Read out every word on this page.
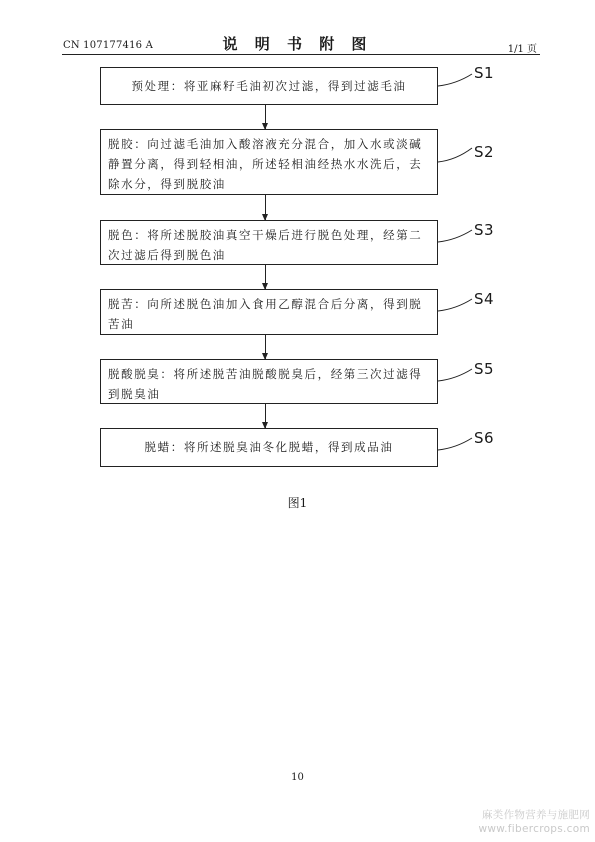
CN 107177416 A	说 明 书 附 图	1/1 页
预处理：将亚麻籽毛油初次过滤，得到过滤毛油
S1
脱胶：向过滤毛油加入酸溶液充分混合，加入水或淡碱静置分离，得到轻相油，所述轻相油经热水水洗后，去除水分，得到脱胶油
S2
脱色：将所述脱胶油真空干燥后进行脱色处理，经第二次过滤后得到脱色油
S3
脱苦：向所述脱色油加入食用乙醇混合后分离，得到脱苦油
S4
脱酸脱臭：将所述脱苦油脱酸脱臭后，经第三次过滤得到脱臭油
S5
脱蜡：将所述脱臭油冬化脱蜡，得到成品油	S6
图1
10
麻类作物营养与施肥网
www.fibercrops.com
